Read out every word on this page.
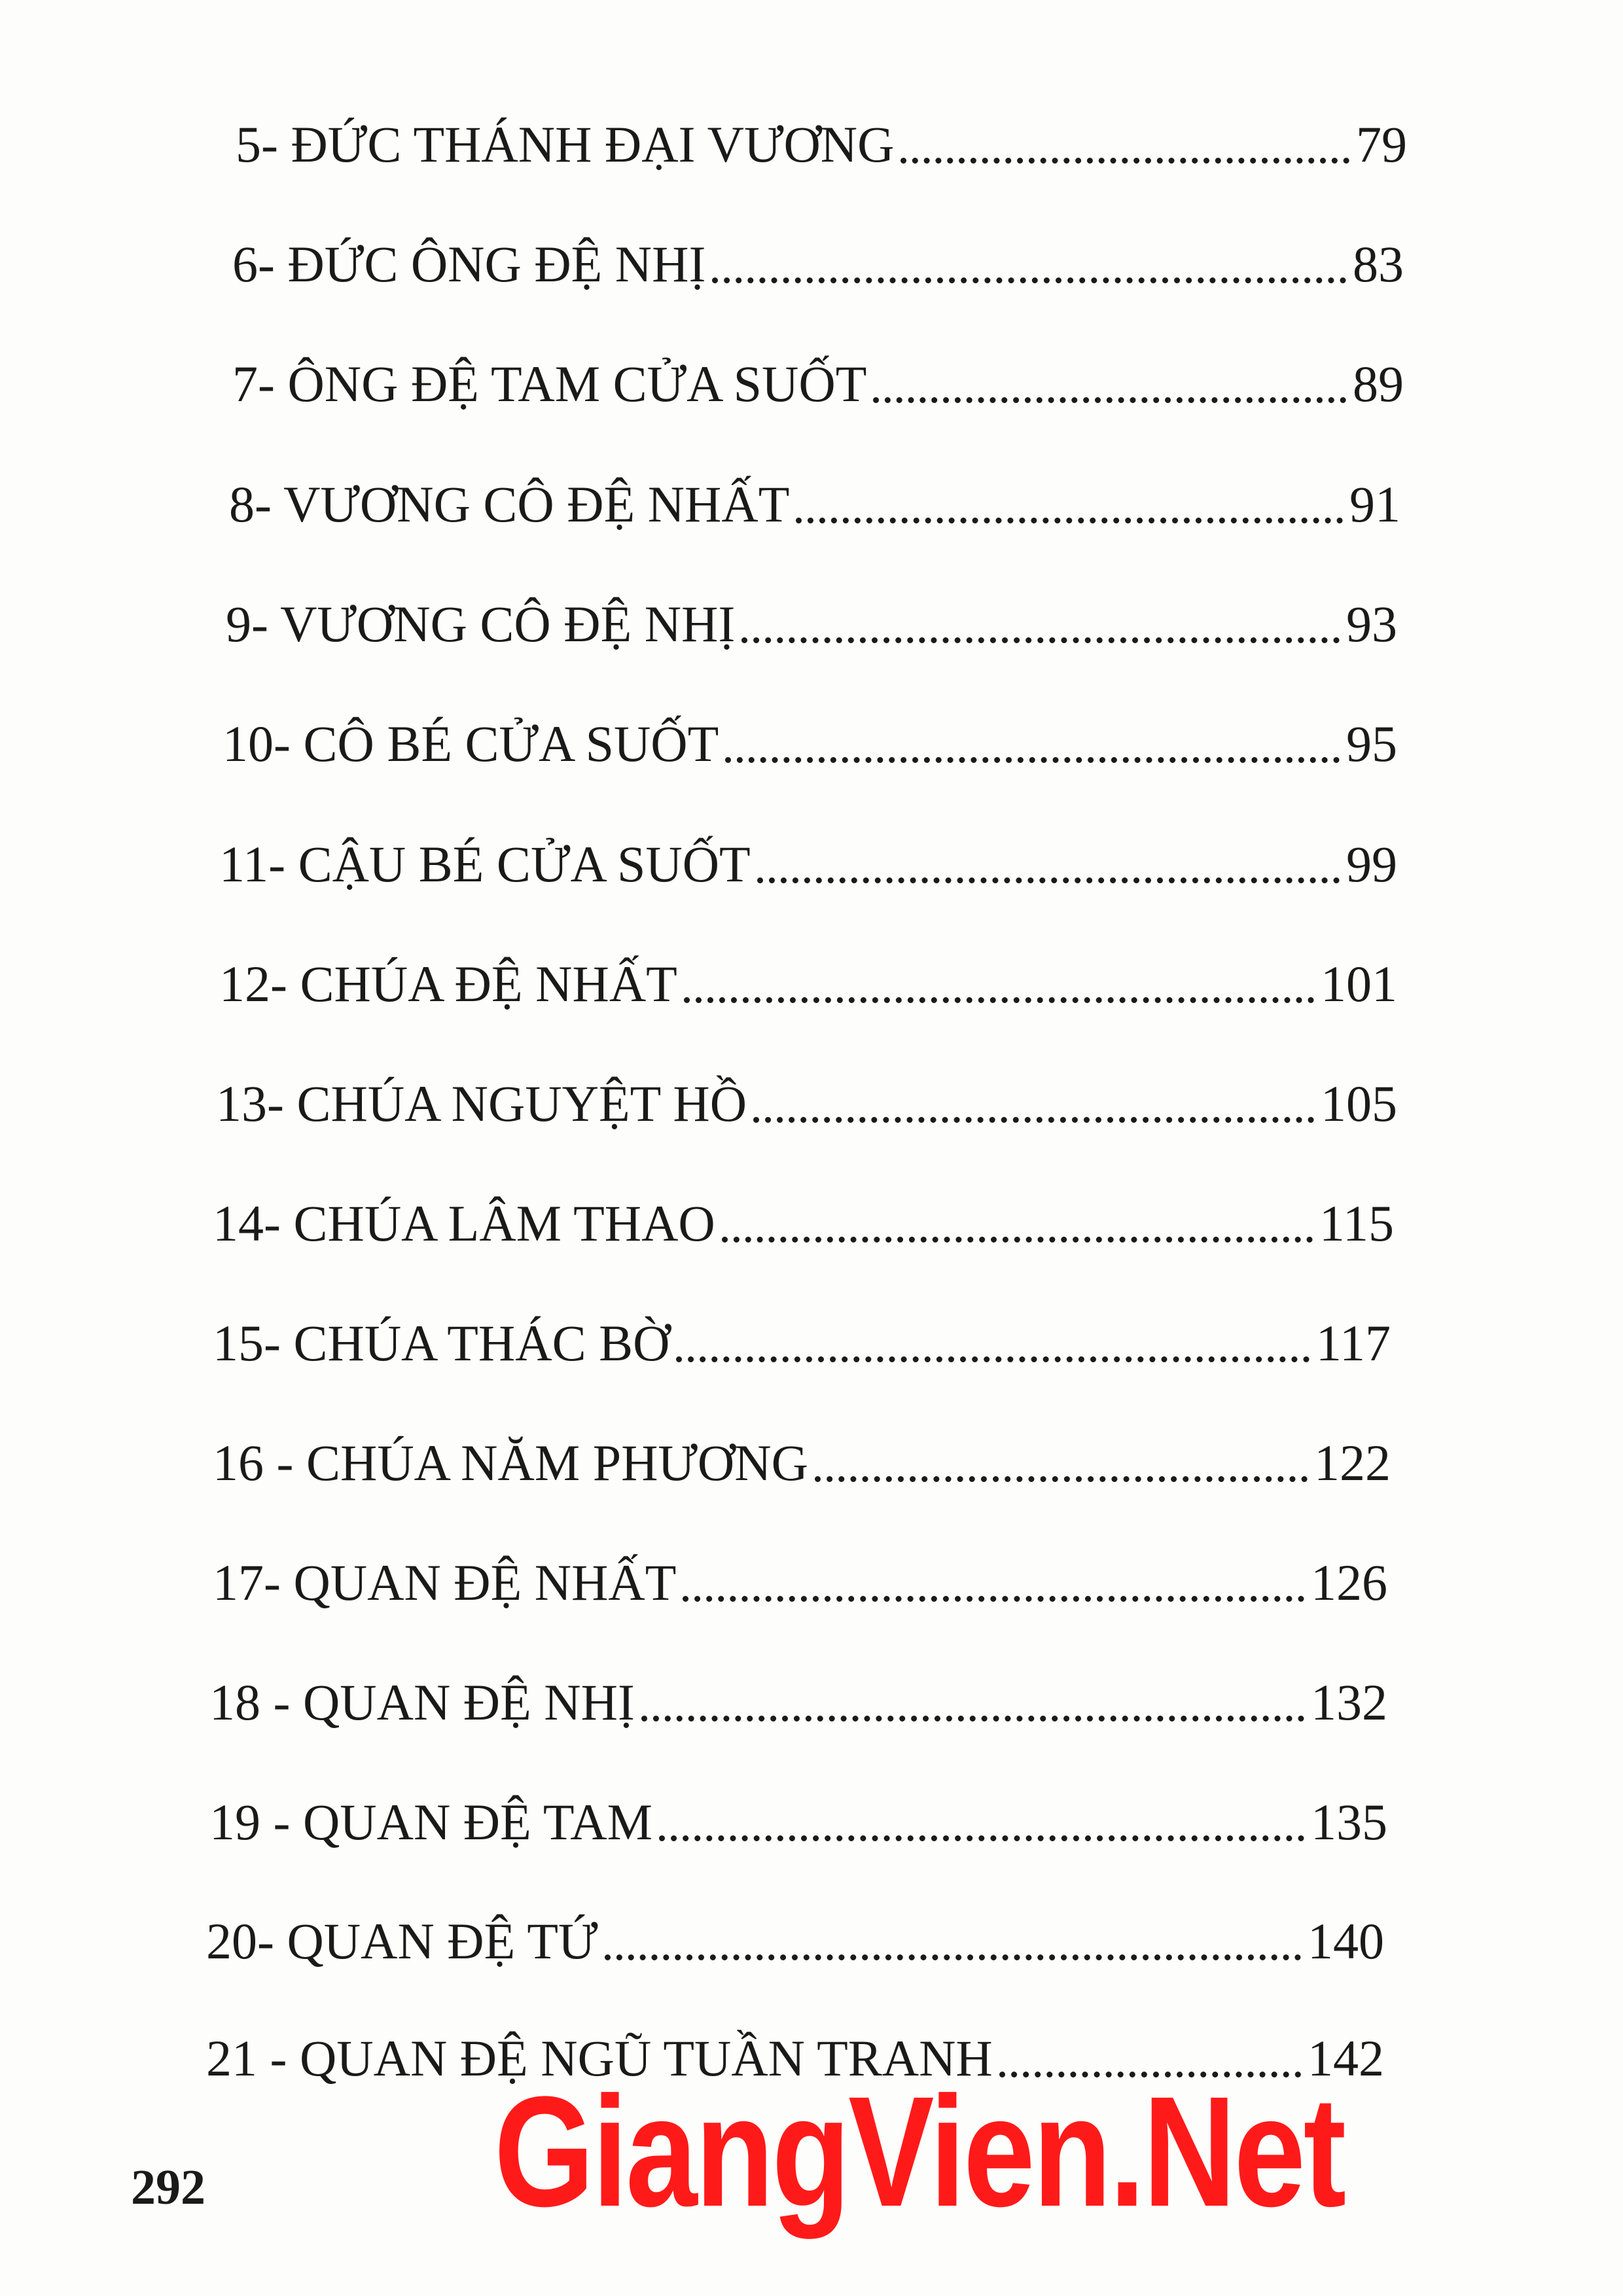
5- ĐỨC THÁNH ĐẠI VƯƠNG	79
6- ĐỨC ÔNG ĐỆ NHỊ	83
7- ÔNG ĐỆ TAM CỬA SUỐT	89
8- VƯƠNG CÔ ĐỆ NHẤT	91
9- VƯƠNG CÔ ĐỆ NHỊ	93
10- CÔ BÉ CỬA SUỐT	95
11- CẬU BÉ CỬA SUỐT	99
12- CHÚA ĐỆ NHẤT	101
13- CHÚA NGUYỆT HỒ	105
14- CHÚA LÂM THAO	115
15- CHÚA THÁC BỜ	117
16 - CHÚA NĂM PHƯƠNG	122
17- QUAN ĐỆ NHẤT	126
18 - QUAN ĐỆ NHỊ	132
19 - QUAN ĐỆ TAM	135
20- QUAN ĐỆ TỨ	140
21 - QUAN ĐỆ NGŨ TUẦN TRANH	142
292 GiangVien.Net
